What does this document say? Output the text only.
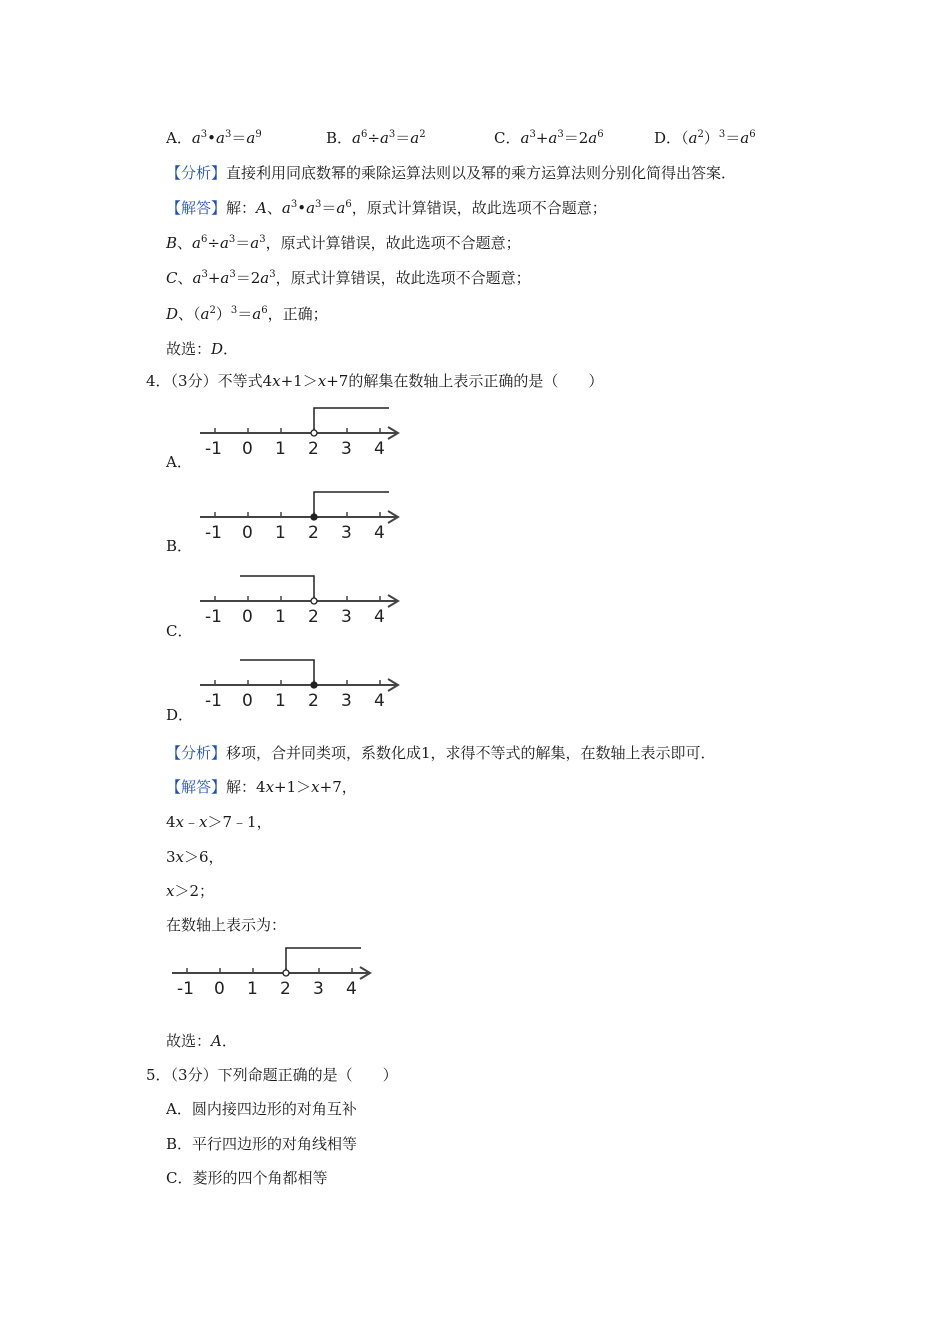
A．$a^3•a^3=a^9$	B．$a^6\div a^3=a^2$	C．$a^3+a^3=2a^6$	D．$(a^2)^3=a^6$
【分析】直接利用同底数幂的乘除运算法则以及幂的乘方运算法则分别化简得出答案．
【解答】解：A、$a^3•a^3=a^6$，原式计算错误，故此选项不合题意；
B、$a^6\div a^3=a^3$，原式计算错误，故此选项不合题意；
C、$a^3+a^3=2a^3$，原式计算错误，故此选项不合题意；
D、$(a^2)^3=a^6$，正确；
故选：D．
4．（3分）不等式4x+1＞x+7的解集在数轴上表示正确的是（　　）
-1 0 1 2 3 4
A．
-1 0 1 2 3 4
B．
-1 0 1 2 3 4
C．
-1 0 1 2 3 4
D．
【分析】移项，合并同类项，系数化成1，求得不等式的解集，在数轴上表示即可．
【解答】解：4x+1＞x+7，
4x﹣x＞7﹣1，
3x＞6，
x＞2；
在数轴上表示为：
-1 0 1 2 3 4
故选：A．
5．（3分）下列命题正确的是（　　）
A．圆内接四边形的对角互补
B．平行四边形的对角线相等
C．菱形的四个角都相等
